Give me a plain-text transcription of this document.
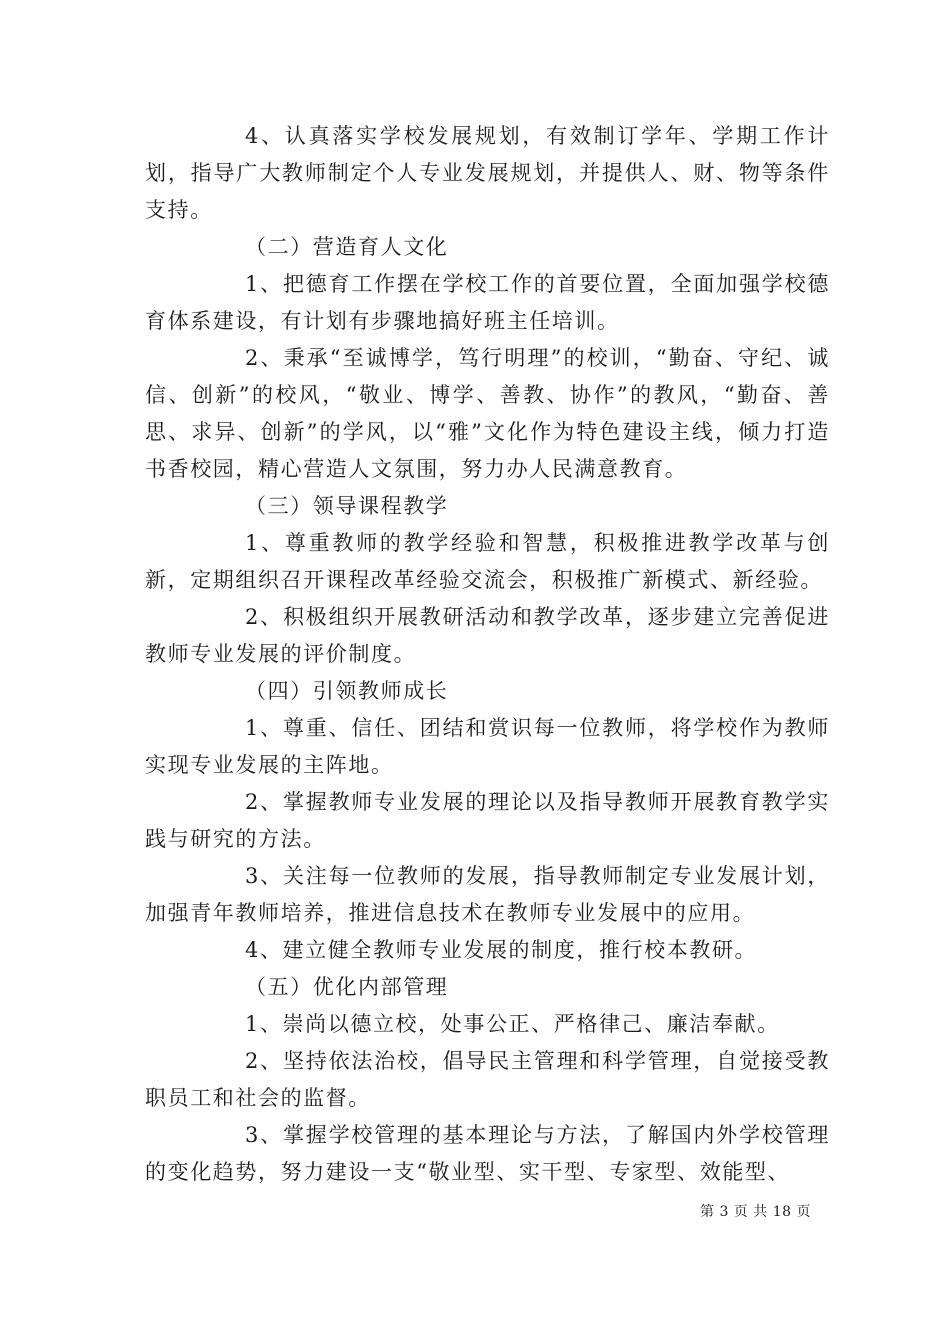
4、认真落实学校发展规划，有效制订学年、学期工作计划，指导广大教师制定个人专业发展规划，并提供人、财、物等条件支持。

（二）营造育人文化

1、把德育工作摆在学校工作的首要位置，全面加强学校德育体系建设，有计划有步骤地搞好班主任培训。

2、秉承“至诚博学，笃行明理”的校训，“勤奋、守纪、诚信、创新”的校风，“敬业、博学、善教、协作”的教风，“勤奋、善思、求异、创新”的学风，以“雅”文化作为特色建设主线，倾力打造书香校园，精心营造人文氛围，努力办人民满意教育。

（三）领导课程教学

1、尊重教师的教学经验和智慧，积极推进教学改革与创新，定期组织召开课程改革经验交流会，积极推广新模式、新经验。

2、积极组织开展教研活动和教学改革，逐步建立完善促进教师专业发展的评价制度。

（四）引领教师成长

1、尊重、信任、团结和赏识每一位教师，将学校作为教师实现专业发展的主阵地。

2、掌握教师专业发展的理论以及指导教师开展教育教学实践与研究的方法。

3、关注每一位教师的发展，指导教师制定专业发展计划，加强青年教师培养，推进信息技术在教师专业发展中的应用。

4、建立健全教师专业发展的制度，推行校本教研。

（五）优化内部管理

1、崇尚以德立校，处事公正、严格律己、廉洁奉献。

2、坚持依法治校，倡导民主管理和科学管理，自觉接受教职员工和社会的监督。

3、掌握学校管理的基本理论与方法，了解国内外学校管理的变化趋势，努力建设一支“敬业型、实干型、专家型、效能型、

第 3 页 共 18 页
